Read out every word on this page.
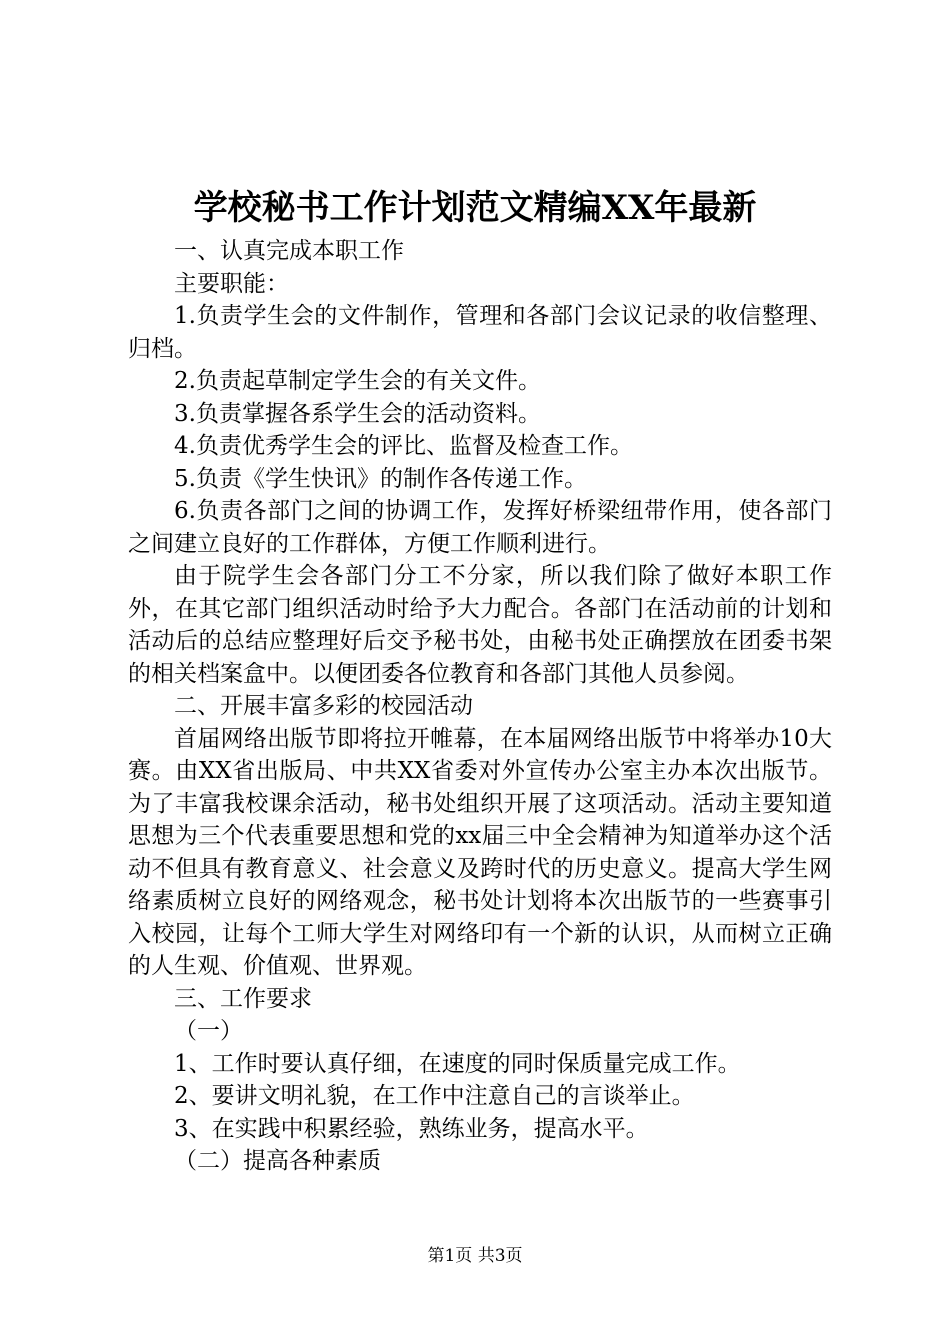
学校秘书工作计划范文精编XX年最新

一、认真完成本职工作

主要职能：

1.负责学生会的文件制作，管理和各部门会议记录的收信整理、归档。

2.负责起草制定学生会的有关文件。

3.负责掌握各系学生会的活动资料。

4.负责优秀学生会的评比、监督及检查工作。

5.负责《学生快讯》的制作各传递工作。

6.负责各部门之间的协调工作，发挥好桥梁纽带作用，使各部门之间建立良好的工作群体，方便工作顺利进行。

由于院学生会各部门分工不分家，所以我们除了做好本职工作外，在其它部门组织活动时给予大力配合。各部门在活动前的计划和活动后的总结应整理好后交予秘书处，由秘书处正确摆放在团委书架的相关档案盒中。以便团委各位教育和各部门其他人员参阅。

二、开展丰富多彩的校园活动

首届网络出版节即将拉开帷幕，在本届网络出版节中将举办10大赛。由XX省出版局、中共XX省委对外宣传办公室主办本次出版节。为了丰富我校课余活动，秘书处组织开展了这项活动。活动主要知道思想为三个代表重要思想和党的xx届三中全会精神为知道举办这个活动不但具有教育意义、社会意义及跨时代的历史意义。提高大学生网络素质树立良好的网络观念，秘书处计划将本次出版节的一些赛事引入校园，让每个工师大学生对网络印有一个新的认识，从而树立正确的人生观、价值观、世界观。

三、工作要求

（一）

1、工作时要认真仔细，在速度的同时保质量完成工作。

2、要讲文明礼貌，在工作中注意自己的言谈举止。

3、在实践中积累经验，熟练业务，提高水平。

（二）提高各种素质

第1页 共3页
